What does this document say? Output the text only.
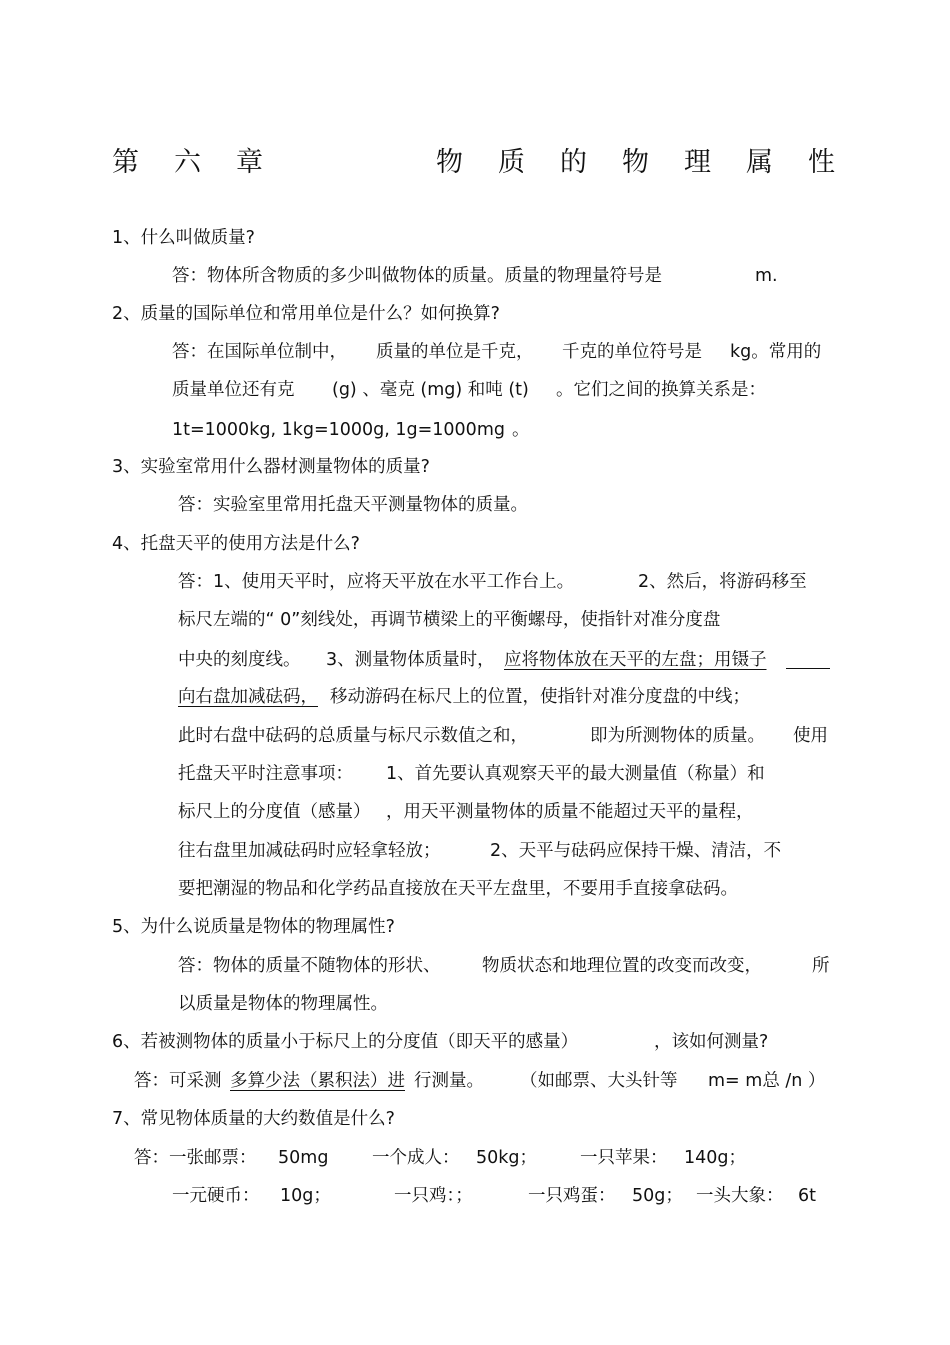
第 六 章	物 质 的 物 理 属 性
1、什么叫做质量?
答：物体所含物质的多少叫做物体的质量。质量的物理量符号是	m.
2、质量的国际单位和常用单位是什么？如何换算?
答：在国际单位制中， 质量的单位是千克， 千克的单位符号是 kg。常用的
质量单位还有克 (g) 、毫克 (mg) 和吨 (t) 。它们之间的换算关系是：
1t=1000kg, 1kg=1000g, 1g=1000mg 。
3、实验室常用什么器材测量物体的质量?
答：实验室里常用托盘天平测量物体的质量。
4、托盘天平的使用方法是什么?
答：1、使用天平时，应将天平放在水平工作台上。	2、然后，将游码移至
标尺左端的“ 0”刻线处，再调节横梁上的平衡螺母，使指针对准分度盘
中央的刻度线。 3、测量物体质量时， 应将物体放在天平的左盘；用镊子
向右盘加减砝码， 移动游码在标尺上的位置，使指针对准分度盘的中线；
此时右盘中砝码的总质量与标尺示数值之和，	即为所测物体的质量。 使用
托盘天平时注意事项： 1、首先要认真观察天平的最大测量值（称量）和
标尺上的分度值（感量） ，用天平测量物体的质量不能超过天平的量程，
往右盘里加减砝码时应轻拿轻放；	2、天平与砝码应保持干燥、清洁，不
要把潮湿的物品和化学药品直接放在天平左盘里，不要用手直接拿砝码。
5、为什么说质量是物体的物理属性?
答：物体的质量不随物体的形状、 物质状态和地理位置的改变而改变，	所
以质量是物体的物理属性。
6、若被测物体的质量小于标尺上的分度值（即天平的感量）	，该如何测量?
答：可采测 多算少法（累积法）进 行测量。 （如邮票、大头针等 m= m总 /n ）
7、常见物体质量的大约数值是什么?
答：一张邮票： 50mg 一个成人： 50kg； 一只苹果： 140g；
一元硬币： 10g；	一只鸡：；	一只鸡蛋： 50g； 一头大象： 6t
